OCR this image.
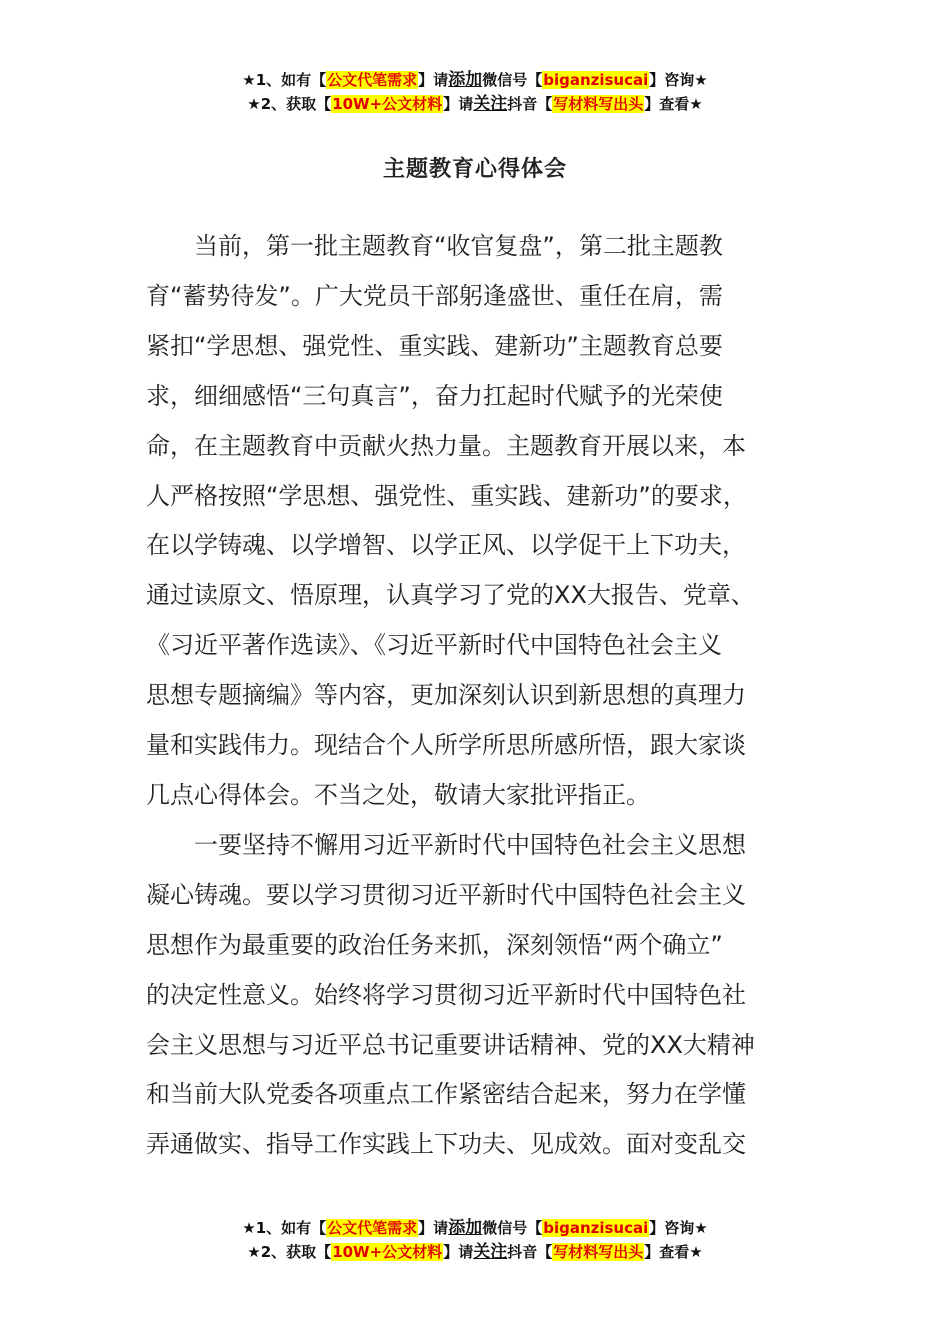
★1、如有【公文代笔需求】请添加微信号【biganzisucai】咨询★
★2、获取【10W+公文材料】请关注抖音【写材料写出头】查看★
主题教育心得体会
当前，第一批主题教育“收官复盘”，第二批主题教
育“蓄势待发”。广大党员干部躬逢盛世、重任在肩，需
紧扣“学思想、强党性、重实践、建新功”主题教育总要
求，细细感悟“三句真言”，奋力扛起时代赋予的光荣使
命，在主题教育中贡献火热力量。主题教育开展以来，本
人严格按照“学思想、强党性、重实践、建新功”的要求，
在以学铸魂、以学增智、以学正风、以学促干上下功夫，
通过读原文、悟原理，认真学习了党的XX大报告、党章、
《习近平著作选读》、《习近平新时代中国特色社会主义
思想专题摘编》等内容，更加深刻认识到新思想的真理力
量和实践伟力。现结合个人所学所思所感所悟，跟大家谈
几点心得体会。不当之处，敬请大家批评指正。
一要坚持不懈用习近平新时代中国特色社会主义思想
凝心铸魂。要以学习贯彻习近平新时代中国特色社会主义
思想作为最重要的政治任务来抓，深刻领悟“两个确立”
的决定性意义。始终将学习贯彻习近平新时代中国特色社
会主义思想与习近平总书记重要讲话精神、党的XX大精神
和当前大队党委各项重点工作紧密结合起来，努力在学懂
弄通做实、指导工作实践上下功夫、见成效。面对变乱交
★1、如有【公文代笔需求】请添加微信号【biganzisucai】咨询★
★2、获取【10W+公文材料】请关注抖音【写材料写出头】查看★
